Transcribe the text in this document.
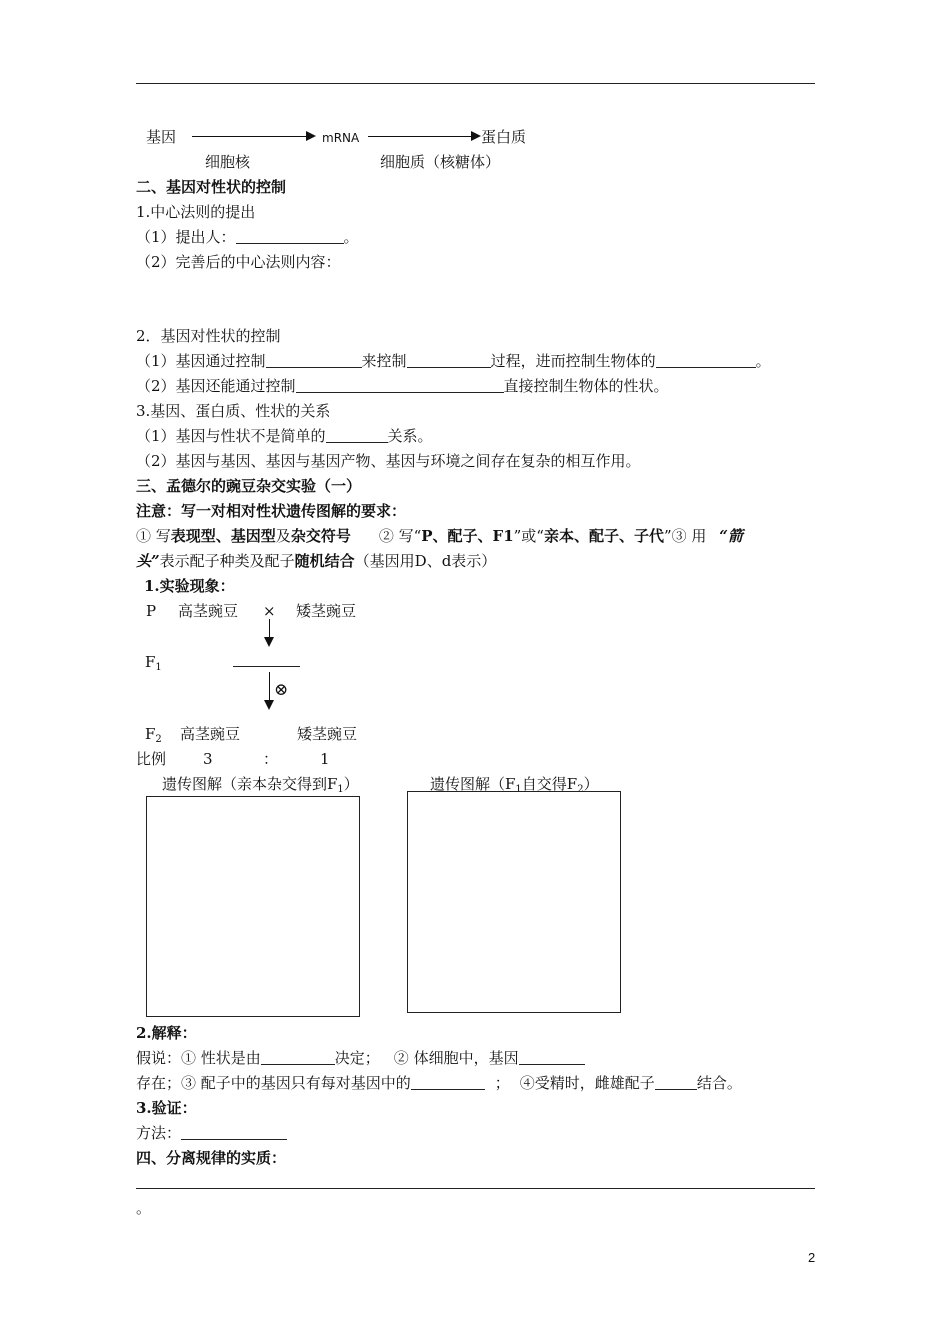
基因	mRNA	蛋白质
细胞核	细胞质（核糖体）
二、基因对性状的控制
1.中心法则的提出
（1）提出人：	。
（2）完善后的中心法则内容：
2．基因对性状的控制
（1）基因通过控制	来控制	过程，进而控制生物体的	。
（2）基因还能通过控制	直接控制生物体的性状。
3.基因、蛋白质、性状的关系
（1）基因与性状不是简单的	关系。
（2）基因与基因、基因与基因产物、基因与环境之间存在复杂的相互作用。
三、孟德尔的豌豆杂交实验（一）
注意：写一对相对性状遗传图解的要求：
① 写表现型、基因型及杂交符号 ② 写“P、配子、F1”或“亲本、配子、子代”③ 用 “箭
头”表示配子种类及配子随机结合（基因用D、d表示）
1.实验现象：
P 高茎豌豆 × 矮茎豌豆
$F_1$
⊗
$F_2$ 高茎豌豆	矮茎豌豆
比例 3	：	1
遗传图解（亲本杂交得到$F_1$）	遗传图解（$F_1$自交得$F_2$）
2.解释：
假说：① 性状是由	决定； ② 体细胞中，基因
存在；③ 配子中的基因只有每对基因中的	； ④受精时，雌雄配子	结合。
3.验证：
方法：
四、分离规律的实质：
。
2
